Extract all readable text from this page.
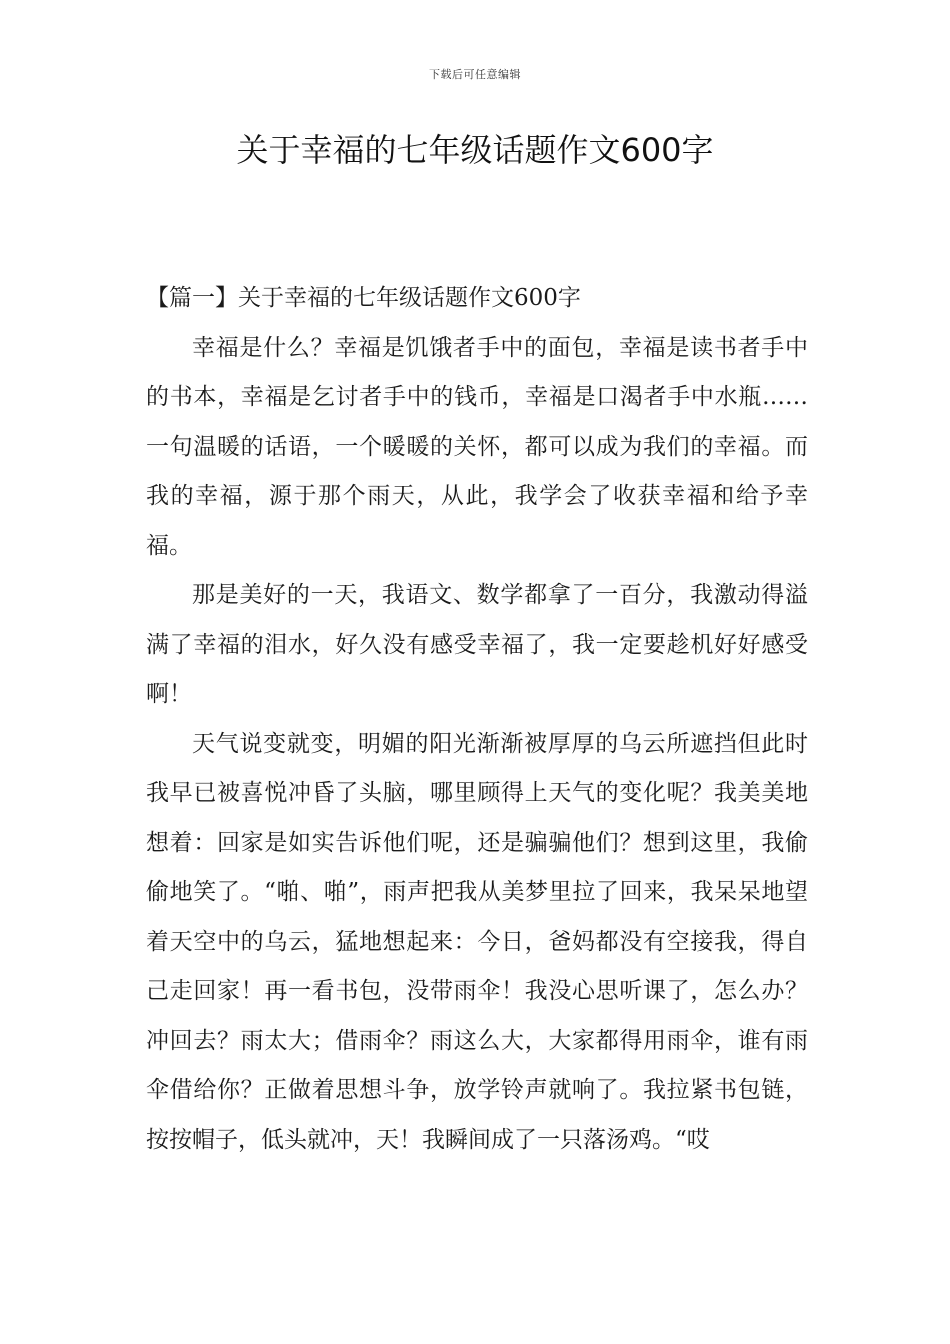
下载后可任意编辑
关于幸福的七年级话题作文600字

【篇一】关于幸福的七年级话题作文600字

幸福是什么？幸福是饥饿者手中的面包，幸福是读书者手中的书本，幸福是乞讨者手中的钱币，幸福是口渴者手中水瓶……一句温暖的话语，一个暖暖的关怀，都可以成为我们的幸福。而我的幸福，源于那个雨天，从此，我学会了收获幸福和给予幸福。

那是美好的一天，我语文、数学都拿了一百分，我激动得溢满了幸福的泪水，好久没有感受幸福了，我一定要趁机好好感受啊！

天气说变就变，明媚的阳光渐渐被厚厚的乌云所遮挡但此时我早已被喜悦冲昏了头脑，哪里顾得上天气的变化呢？我美美地想着：回家是如实告诉他们呢，还是骗骗他们？想到这里，我偷偷地笑了。“啪、啪”，雨声把我从美梦里拉了回来，我呆呆地望着天空中的乌云，猛地想起来：今日，爸妈都没有空接我，得自己走回家！再一看书包，没带雨伞！我没心思听课了，怎么办？冲回去？雨太大；借雨伞？雨这么大，大家都得用雨伞，谁有雨伞借给你？正做着思想斗争，放学铃声就响了。我拉紧书包链，按按帽子，低头就冲，天！我瞬间成了一只落汤鸡。“哎
